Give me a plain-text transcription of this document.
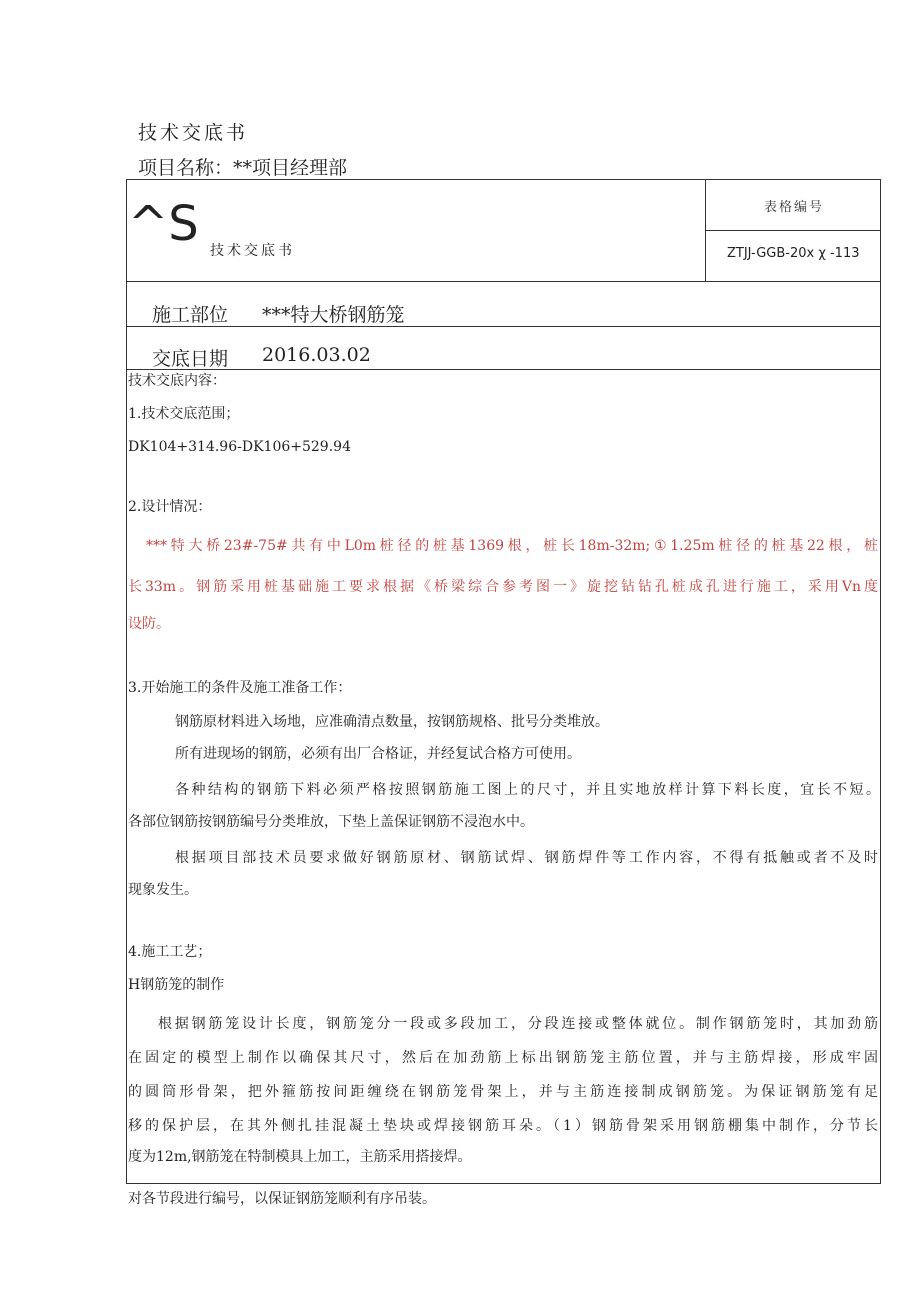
技术交底书
项目名称：**项目经理部
^S 技术交底书
表格编号
ZTJJ-GGB-20x χ -113
施工部位 ***特大桥钢筋笼
交底日期 2016.03.02
技术交底内容：
1.技术交底范围；
DK104+314.96-DK106+529.94
2.设计情况：
***特大桥23#-75#共有中L0m桩径的桩基1369根，桩长18m-32m;①1.25m桩径的桩基22根，桩
长33m。钢筋采用桩基础施工要求根据《桥梁综合参考图一》旋挖钻钻孔桩成孔进行施工，采用Vn度
设防。
3.开始施工的条件及施工准备工作：
钢筋原材料进入场地，应准确清点数量，按钢筋规格、批号分类堆放。
所有进现场的钢筋，必须有出厂合格证，并经复试合格方可使用。
各种结构的钢筋下料必须严格按照钢筋施工图上的尺寸，并且实地放样计算下料长度，宜长不短。
各部位钢筋按钢筋编号分类堆放，下垫上盖保证钢筋不浸泡水中。
根据项目部技术员要求做好钢筋原材、钢筋试焊、钢筋焊件等工作内容，不得有抵触或者不及时
现象发生。
4.施工工艺；
H钢筋笼的制作
根据钢筋笼设计长度，钢筋笼分一段或多段加工，分段连接或整体就位。制作钢筋笼时，其加劲筋
在固定的模型上制作以确保其尺寸，然后在加劲筋上标出钢筋笼主筋位置，并与主筋焊接，形成牢固
的圆筒形骨架，把外箍筋按间距缠绕在钢筋笼骨架上，并与主筋连接制成钢筋笼。为保证钢筋笼有足
移的保护层，在其外侧扎挂混凝土垫块或焊接钢筋耳朵。（1）钢筋骨架采用钢筋棚集中制作，分节长
度为12m,钢筋笼在特制模具上加工，主筋采用搭接焊。
对各节段进行编号，以保证钢筋笼顺利有序吊装。
